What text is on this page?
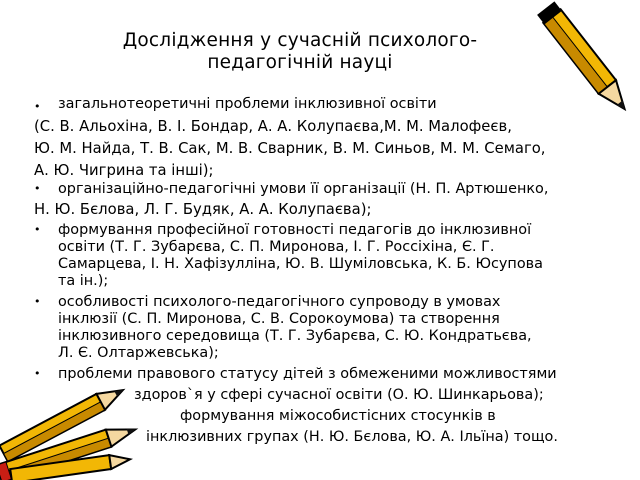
Дослідження у сучасній психолого-
педагогічній науці
•
•
•
•
•
загальнотеоретичні проблеми інклюзивної освіти
(С. В. Альохіна, В. І. Бондар, А. А. Колупаєва,М. М. Малофеєв,
Ю. М. Найда, Т. В. Сак, М. В. Сварник, В. М. Синьов, М. М. Семаго,
А. Ю. Чигрина та інші);
організаційно-педагогічні умови її організації (Н. П. Артюшенко,
Н. Ю. Бєлова, Л. Г. Будяк, А. А. Колупаєва);
формування професійної готовності педагогів до інклюзивної
освіти (Т. Г. Зубарєва, С. П. Миронова, І. Г. Россіхіна, Є. Г.
Самарцева, І. Н. Хафізулліна, Ю. В. Шуміловська, К. Б. Юсупова
та ін.);
особливості психолого-педагогічного супроводу в умовах
інклюзії (С. П. Миронова, С. В. Сорокоумова) та створення
інклюзивного середовища (Т. Г. Зубарєва, С. Ю. Кондратьєва,
Л. Є. Олтаржевська);
проблеми правового статусу дітей з обмеженими можливостями
здоров`я у сфері сучасної освіти (О. Ю. Шинкарьова);
формування міжособистісних стосунків в
інклюзивних групах (Н. Ю. Бєлова, Ю. А. Ільїна) тощо.
